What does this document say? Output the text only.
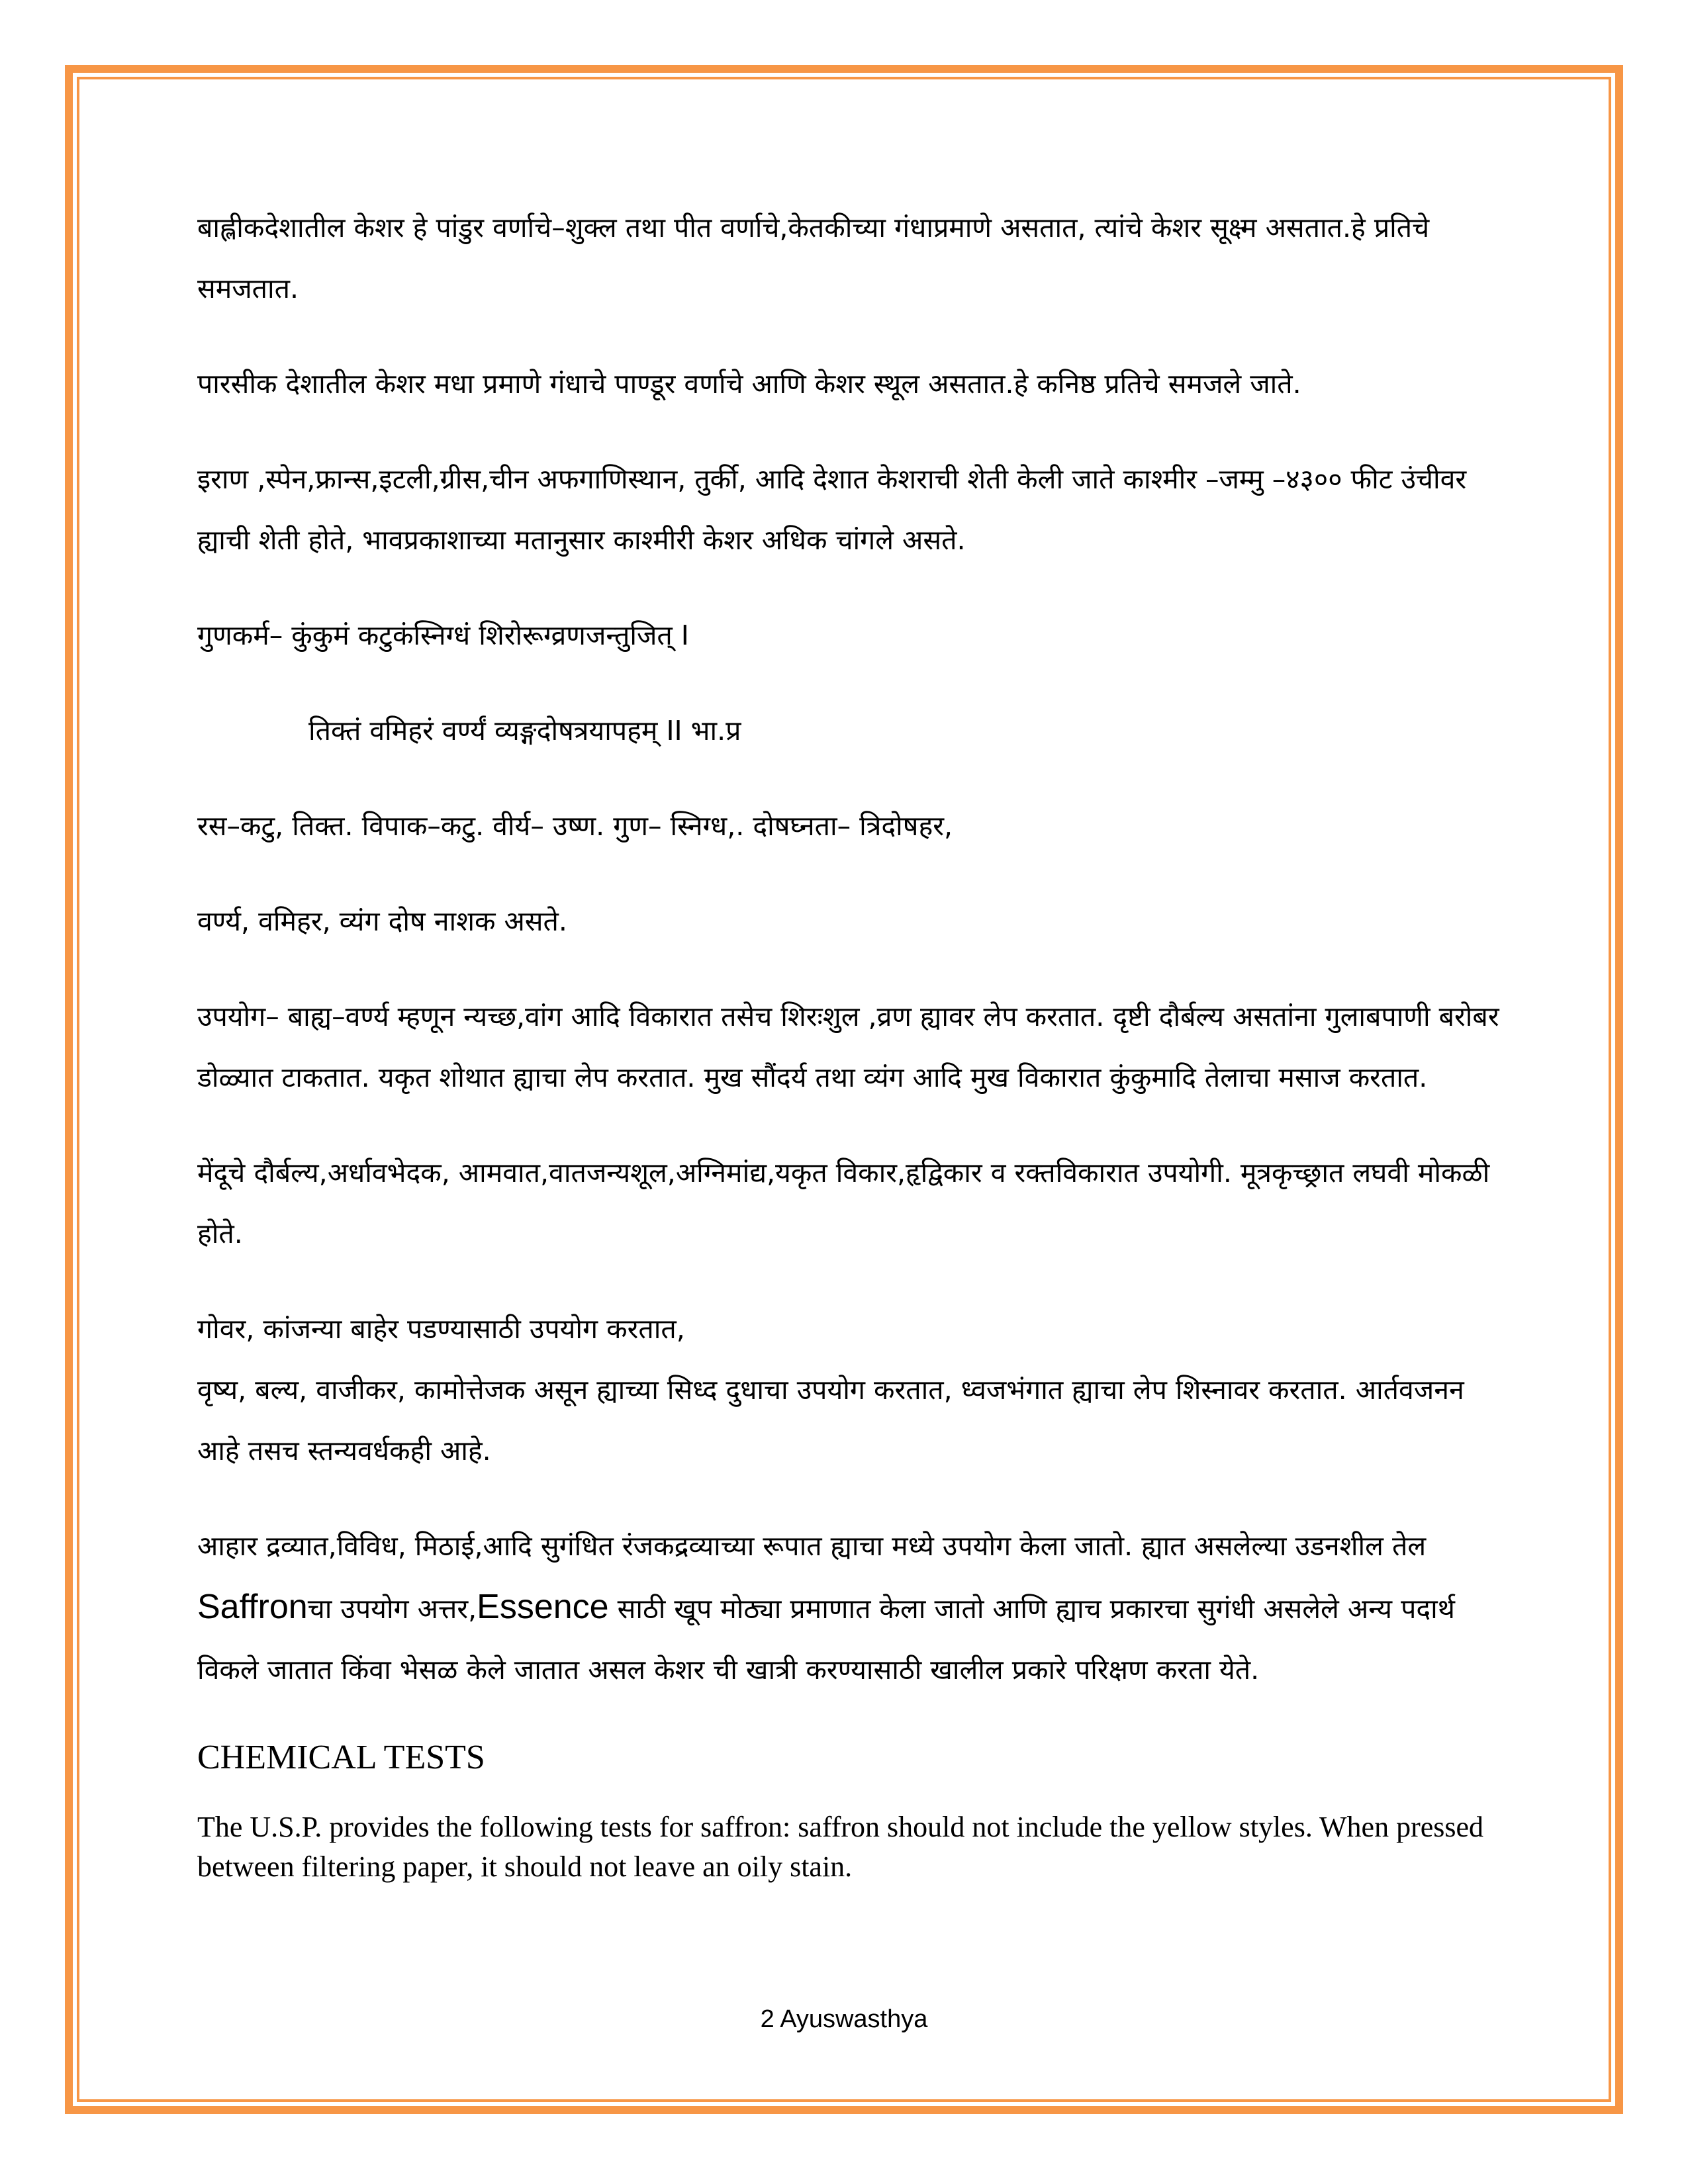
बाह्लीकदेशातील केशर हे पांडुर वर्णाचे–शुक्ल तथा पीत वर्णाचे,केतकीच्या गंधाप्रमाणे असतात, त्यांचे केशर सूक्ष्म असतात.हे प्रतिचे समजतात.

पारसीक देशातील केशर मधा प्रमाणे गंधाचे पाण्डूर वर्णाचे आणि केशर स्थूल असतात.हे कनिष्ठ प्रतिचे समजले जाते.

इराण ,स्पेन,फ्रान्स,इटली,ग्रीस,चीन अफगाणिस्थान, तुर्की, आदि देशात केशराची शेती केली जाते काश्मीर –जम्मु –४३०० फीट उंचीवर ह्याची शेती होते, भावप्रकाशाच्या मतानुसार काश्मीरी केशर अधिक चांगले असते.

गुणकर्म– कुंकुमं कटुकंस्निग्धं शिरोरूग्व्रणजन्तुजित् I

तिक्तं वमिहरं वर्ण्यं व्यङ्गदोषत्रयापहम् II भा.प्र

रस–कटु, तिक्त. विपाक–कटु. वीर्य– उष्ण. गुण– स्निग्ध,. दोषघ्नता– त्रिदोषहर,

वर्ण्य, वमिहर, व्यंग दोष नाशक असते.

उपयोग– बाह्य–वर्ण्य म्हणून न्यच्छ,वांग आदि विकारात तसेच शिरःशुल ,व्रण ह्यावर लेप करतात. दृष्टी दौर्बल्य असतांना गुलाबपाणी बरोबर डोळ्यात टाकतात. यकृत शोथात ह्याचा लेप करतात. मुख सौंदर्य तथा व्यंग आदि मुख विकारात कुंकुमादि तेलाचा मसाज करतात.

मेंदूचे दौर्बल्य,अर्धावभेदक, आमवात,वातजन्यशूल,अग्निमांद्य,यकृत विकार,हृद्विकार व रक्तविकारात उपयोगी. मूत्रकृच्छ्रात लघवी मोकळी होते.

गोवर, कांजन्या बाहेर पडण्यासाठी उपयोग करतात,

वृष्य, बल्य, वाजीकर, कामोत्तेजक असून ह्याच्या सिध्द दुधाचा उपयोग करतात, ध्वजभंगात ह्याचा लेप शिस्नावर करतात. आर्तवजनन आहे तसच स्तन्यवर्धकही आहे.

आहार द्रव्यात,विविध, मिठाई,आदि सुगंधित रंजकद्रव्याच्या रूपात ह्याचा मध्ये उपयोग केला जातो. ह्यात असलेल्या उडनशील तेल Saffronचा उपयोग अत्तर,Essence साठी खूप मोठ्या प्रमाणात केला जातो आणि ह्याच प्रकारचा सुगंधी असलेले अन्य पदार्थ विकले जातात किंवा भेसळ केले जातात असल केशर ची खात्री करण्यासाठी खालील प्रकारे परिक्षण करता येते.

CHEMICAL TESTS

The U.S.P. provides the following tests for saffron: saffron should not include the yellow styles. When pressed between filtering paper, it should not leave an oily stain.

2 Ayuswasthya
